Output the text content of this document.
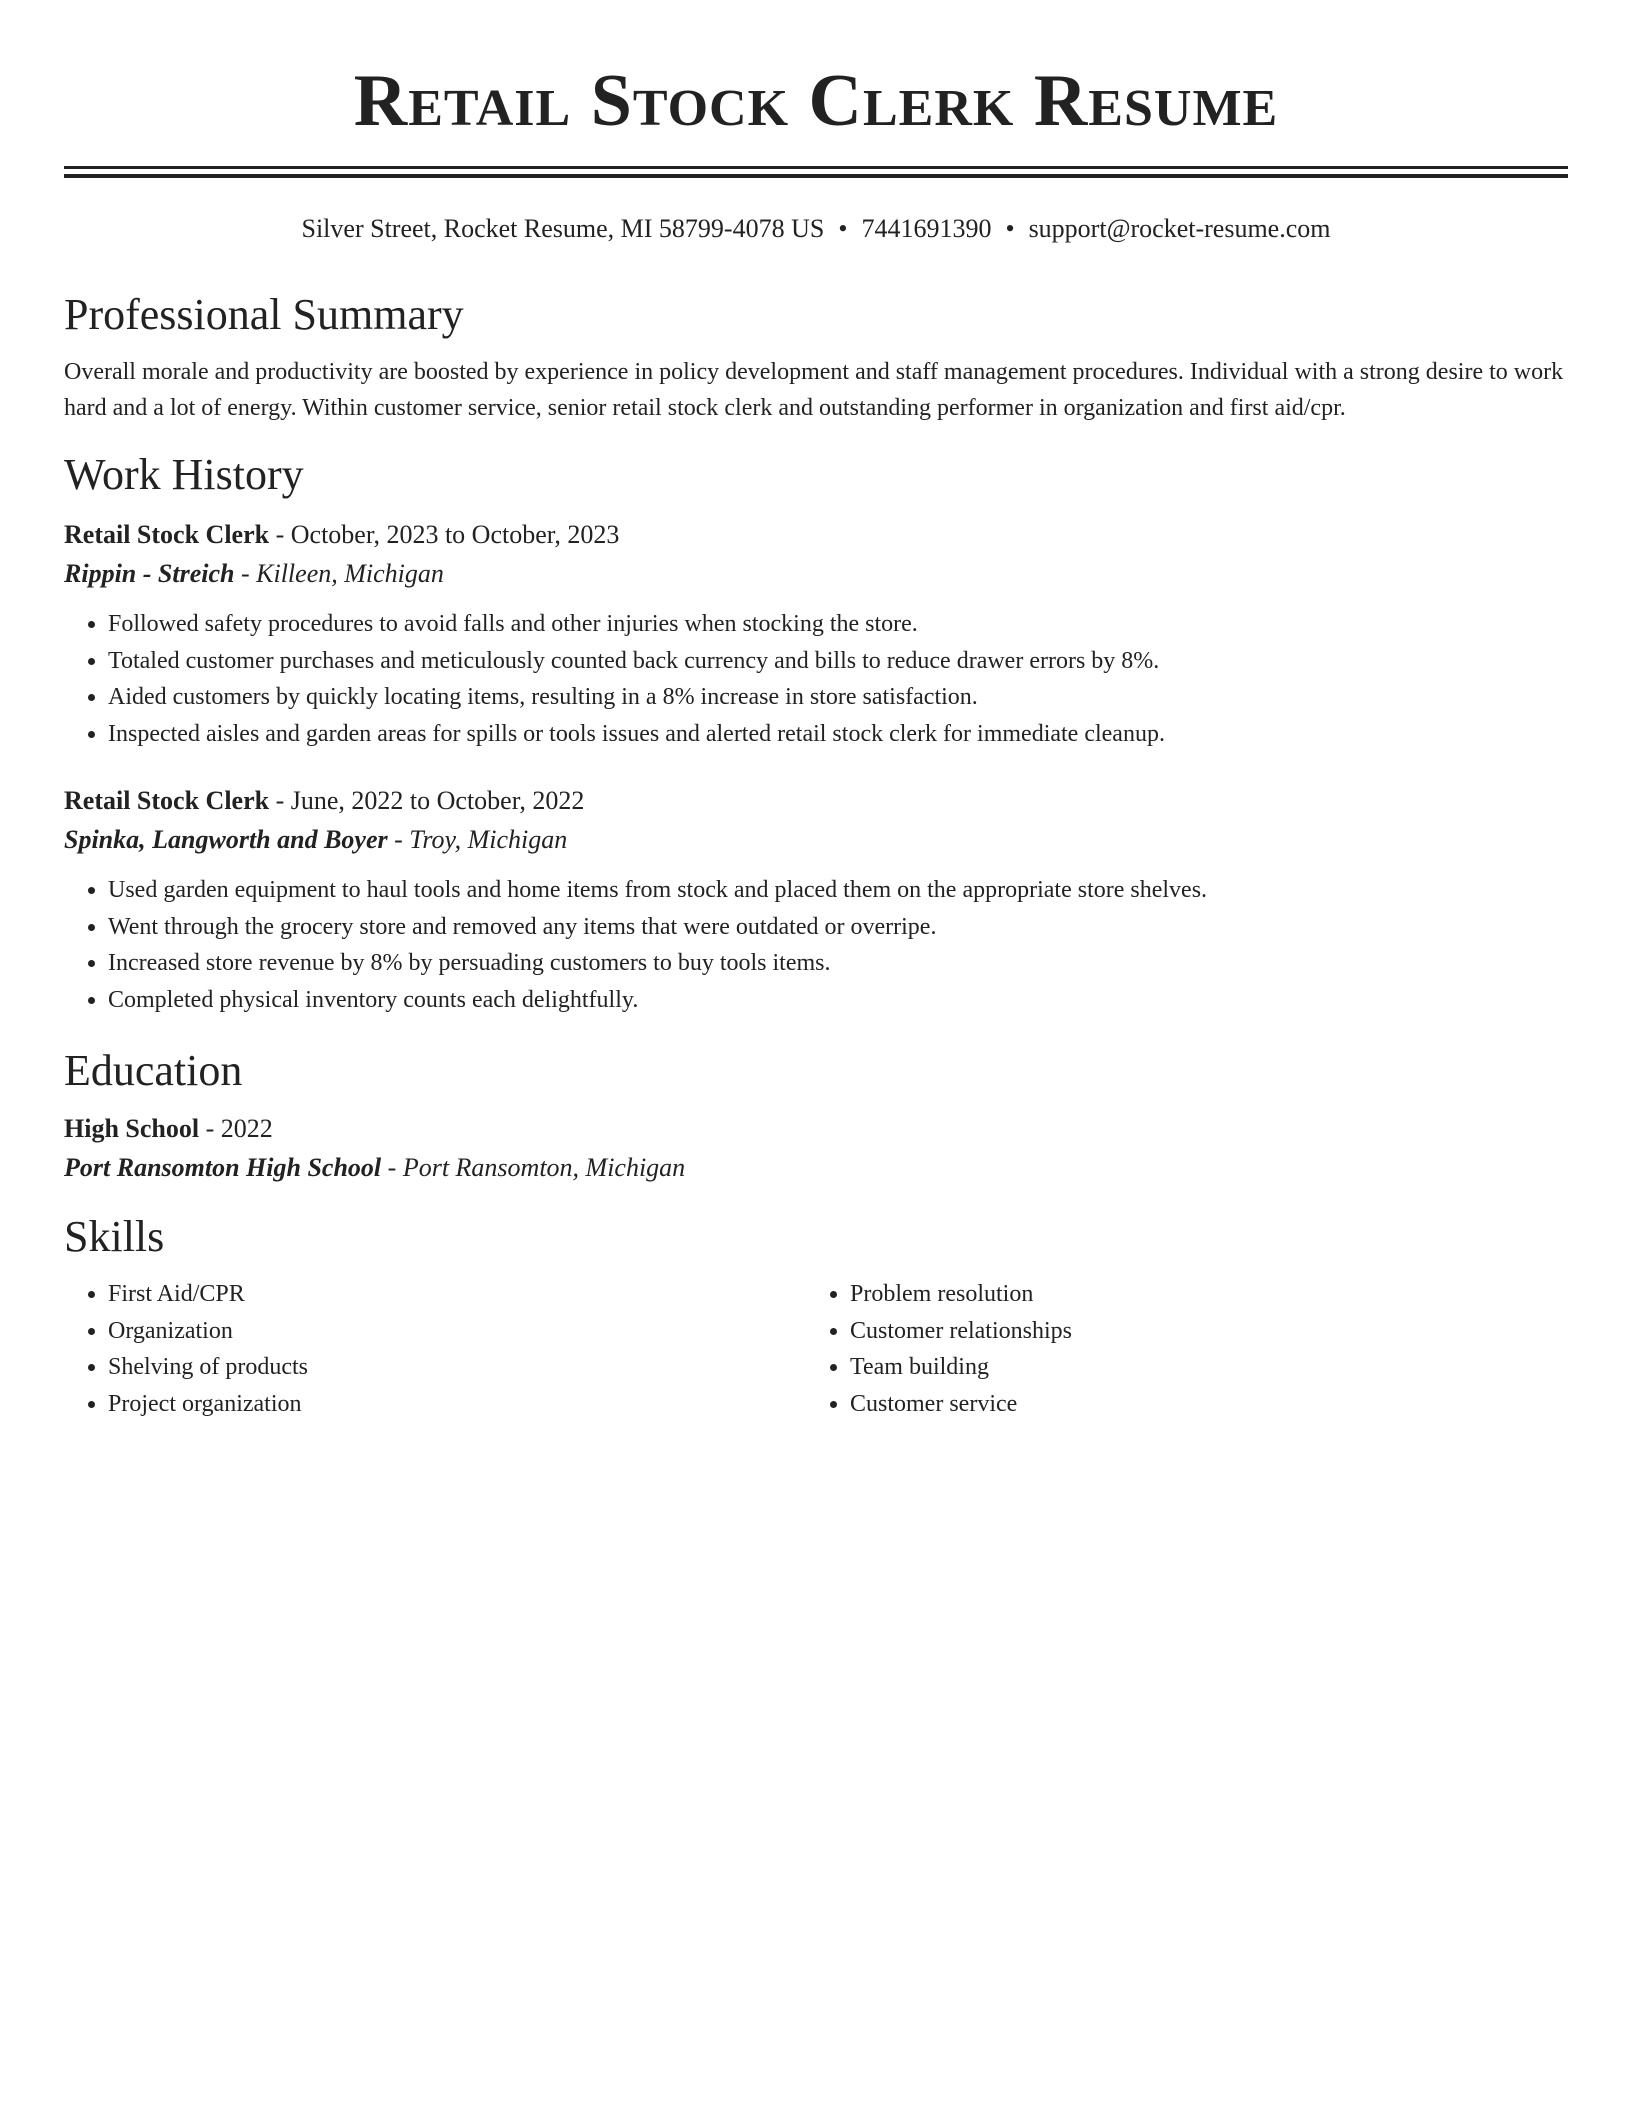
Retail Stock Clerk Resume
Silver Street, Rocket Resume, MI 58799-4078 US • 7441691390 • support@rocket-resume.com
Professional Summary
Overall morale and productivity are boosted by experience in policy development and staff management procedures. Individual with a strong desire to work hard and a lot of energy. Within customer service, senior retail stock clerk and outstanding performer in organization and first aid/cpr.
Work History
Retail Stock Clerk - October, 2023 to October, 2023
Rippin - Streich - Killeen, Michigan
• Followed safety procedures to avoid falls and other injuries when stocking the store.
• Totaled customer purchases and meticulously counted back currency and bills to reduce drawer errors by 8%.
• Aided customers by quickly locating items, resulting in a 8% increase in store satisfaction.
• Inspected aisles and garden areas for spills or tools issues and alerted retail stock clerk for immediate cleanup.
Retail Stock Clerk - June, 2022 to October, 2022
Spinka, Langworth and Boyer - Troy, Michigan
• Used garden equipment to haul tools and home items from stock and placed them on the appropriate store shelves.
• Went through the grocery store and removed any items that were outdated or overripe.
• Increased store revenue by 8% by persuading customers to buy tools items.
• Completed physical inventory counts each delightfully.
Education
High School - 2022
Port Ransomton High School - Port Ransomton, Michigan
Skills
• First Aid/CPR
• Organization
• Shelving of products
• Project organization
• Problem resolution
• Customer relationships
• Team building
• Customer service
